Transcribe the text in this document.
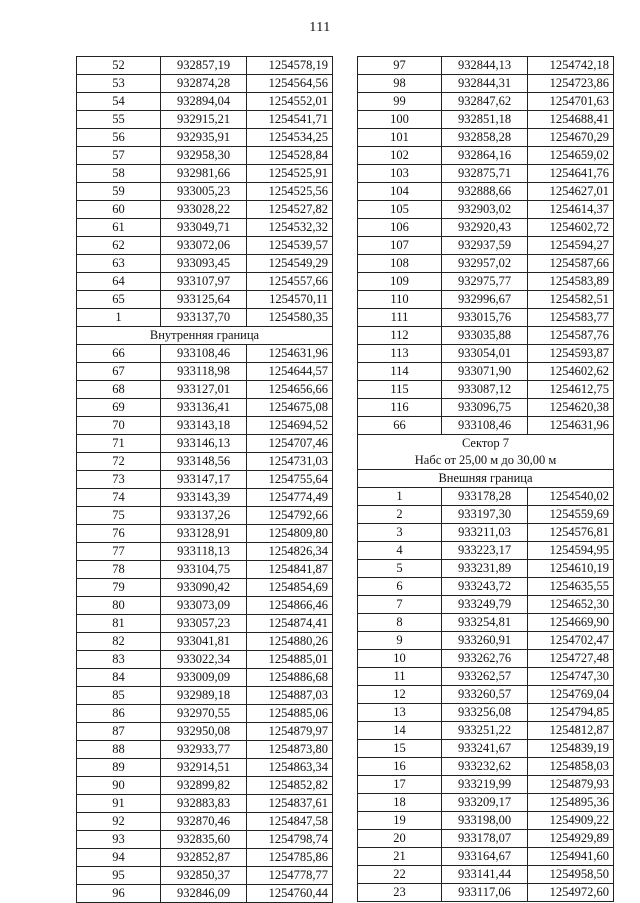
111
52	932857,19	1254578,19
53	932874,28	1254564,56
54	932894,04	1254552,01
55	932915,21	1254541,71
56	932935,91	1254534,25
57	932958,30	1254528,84
58	932981,66	1254525,91
59	933005,23	1254525,56
60	933028,22	1254527,82
61	933049,71	1254532,32
62	933072,06	1254539,57
63	933093,45	1254549,29
64	933107,97	1254557,66
65	933125,64	1254570,11
1	933137,70	1254580,35
Внутренняя граница		
66	933108,46	1254631,96
67	933118,98	1254644,57
68	933127,01	1254656,66
69	933136,41	1254675,08
70	933143,18	1254694,52
71	933146,13	1254707,46
72	933148,56	1254731,03
73	933147,17	1254755,64
74	933143,39	1254774,49
75	933137,26	1254792,66
76	933128,91	1254809,80
77	933118,13	1254826,34
78	933104,75	1254841,87
79	933090,42	1254854,69
80	933073,09	1254866,46
81	933057,23	1254874,41
82	933041,81	1254880,26
83	933022,34	1254885,01
84	933009,09	1254886,68
85	932989,18	1254887,03
86	932970,55	1254885,06
87	932950,08	1254879,97
88	932933,77	1254873,80
89	932914,51	1254863,34
90	932899,82	1254852,82
91	932883,83	1254837,61
92	932870,46	1254847,58
93	932835,60	1254798,74
94	932852,87	1254785,86
95	932850,37	1254778,77
96	932846,09	1254760,44
97	932844,13	1254742,18
98	932844,31	1254723,86
99	932847,62	1254701,63
100	932851,18	1254688,41
101	932858,28	1254670,29
102	932864,16	1254659,02
103	932875,71	1254641,76
104	932888,66	1254627,01
105	932903,02	1254614,37
106	932920,43	1254602,72
107	932937,59	1254594,27
108	932957,02	1254587,66
109	932975,77	1254583,89
110	932996,67	1254582,51
111	933015,76	1254583,77
112	933035,88	1254587,76
113	933054,01	1254593,87
114	933071,90	1254602,62
115	933087,12	1254612,75
116	933096,75	1254620,38
66	933108,46	1254631,96
Сектор 7		
Набс от 25,00 м до 30,00 м		
Внешняя граница		
1	933178,28	1254540,02
2	933197,30	1254559,69
3	933211,03	1254576,81
4	933223,17	1254594,95
5	933231,89	1254610,19
6	933243,72	1254635,55
7	933249,79	1254652,30
8	933254,81	1254669,90
9	933260,91	1254702,47
10	933262,76	1254727,48
11	933262,57	1254747,30
12	933260,57	1254769,04
13	933256,08	1254794,85
14	933251,22	1254812,87
15	933241,67	1254839,19
16	933232,62	1254858,03
17	933219,99	1254879,93
18	933209,17	1254895,36
19	933198,00	1254909,22
20	933178,07	1254929,89
21	933164,67	1254941,60
22	933141,44	1254958,50
23	933117,06	1254972,60
